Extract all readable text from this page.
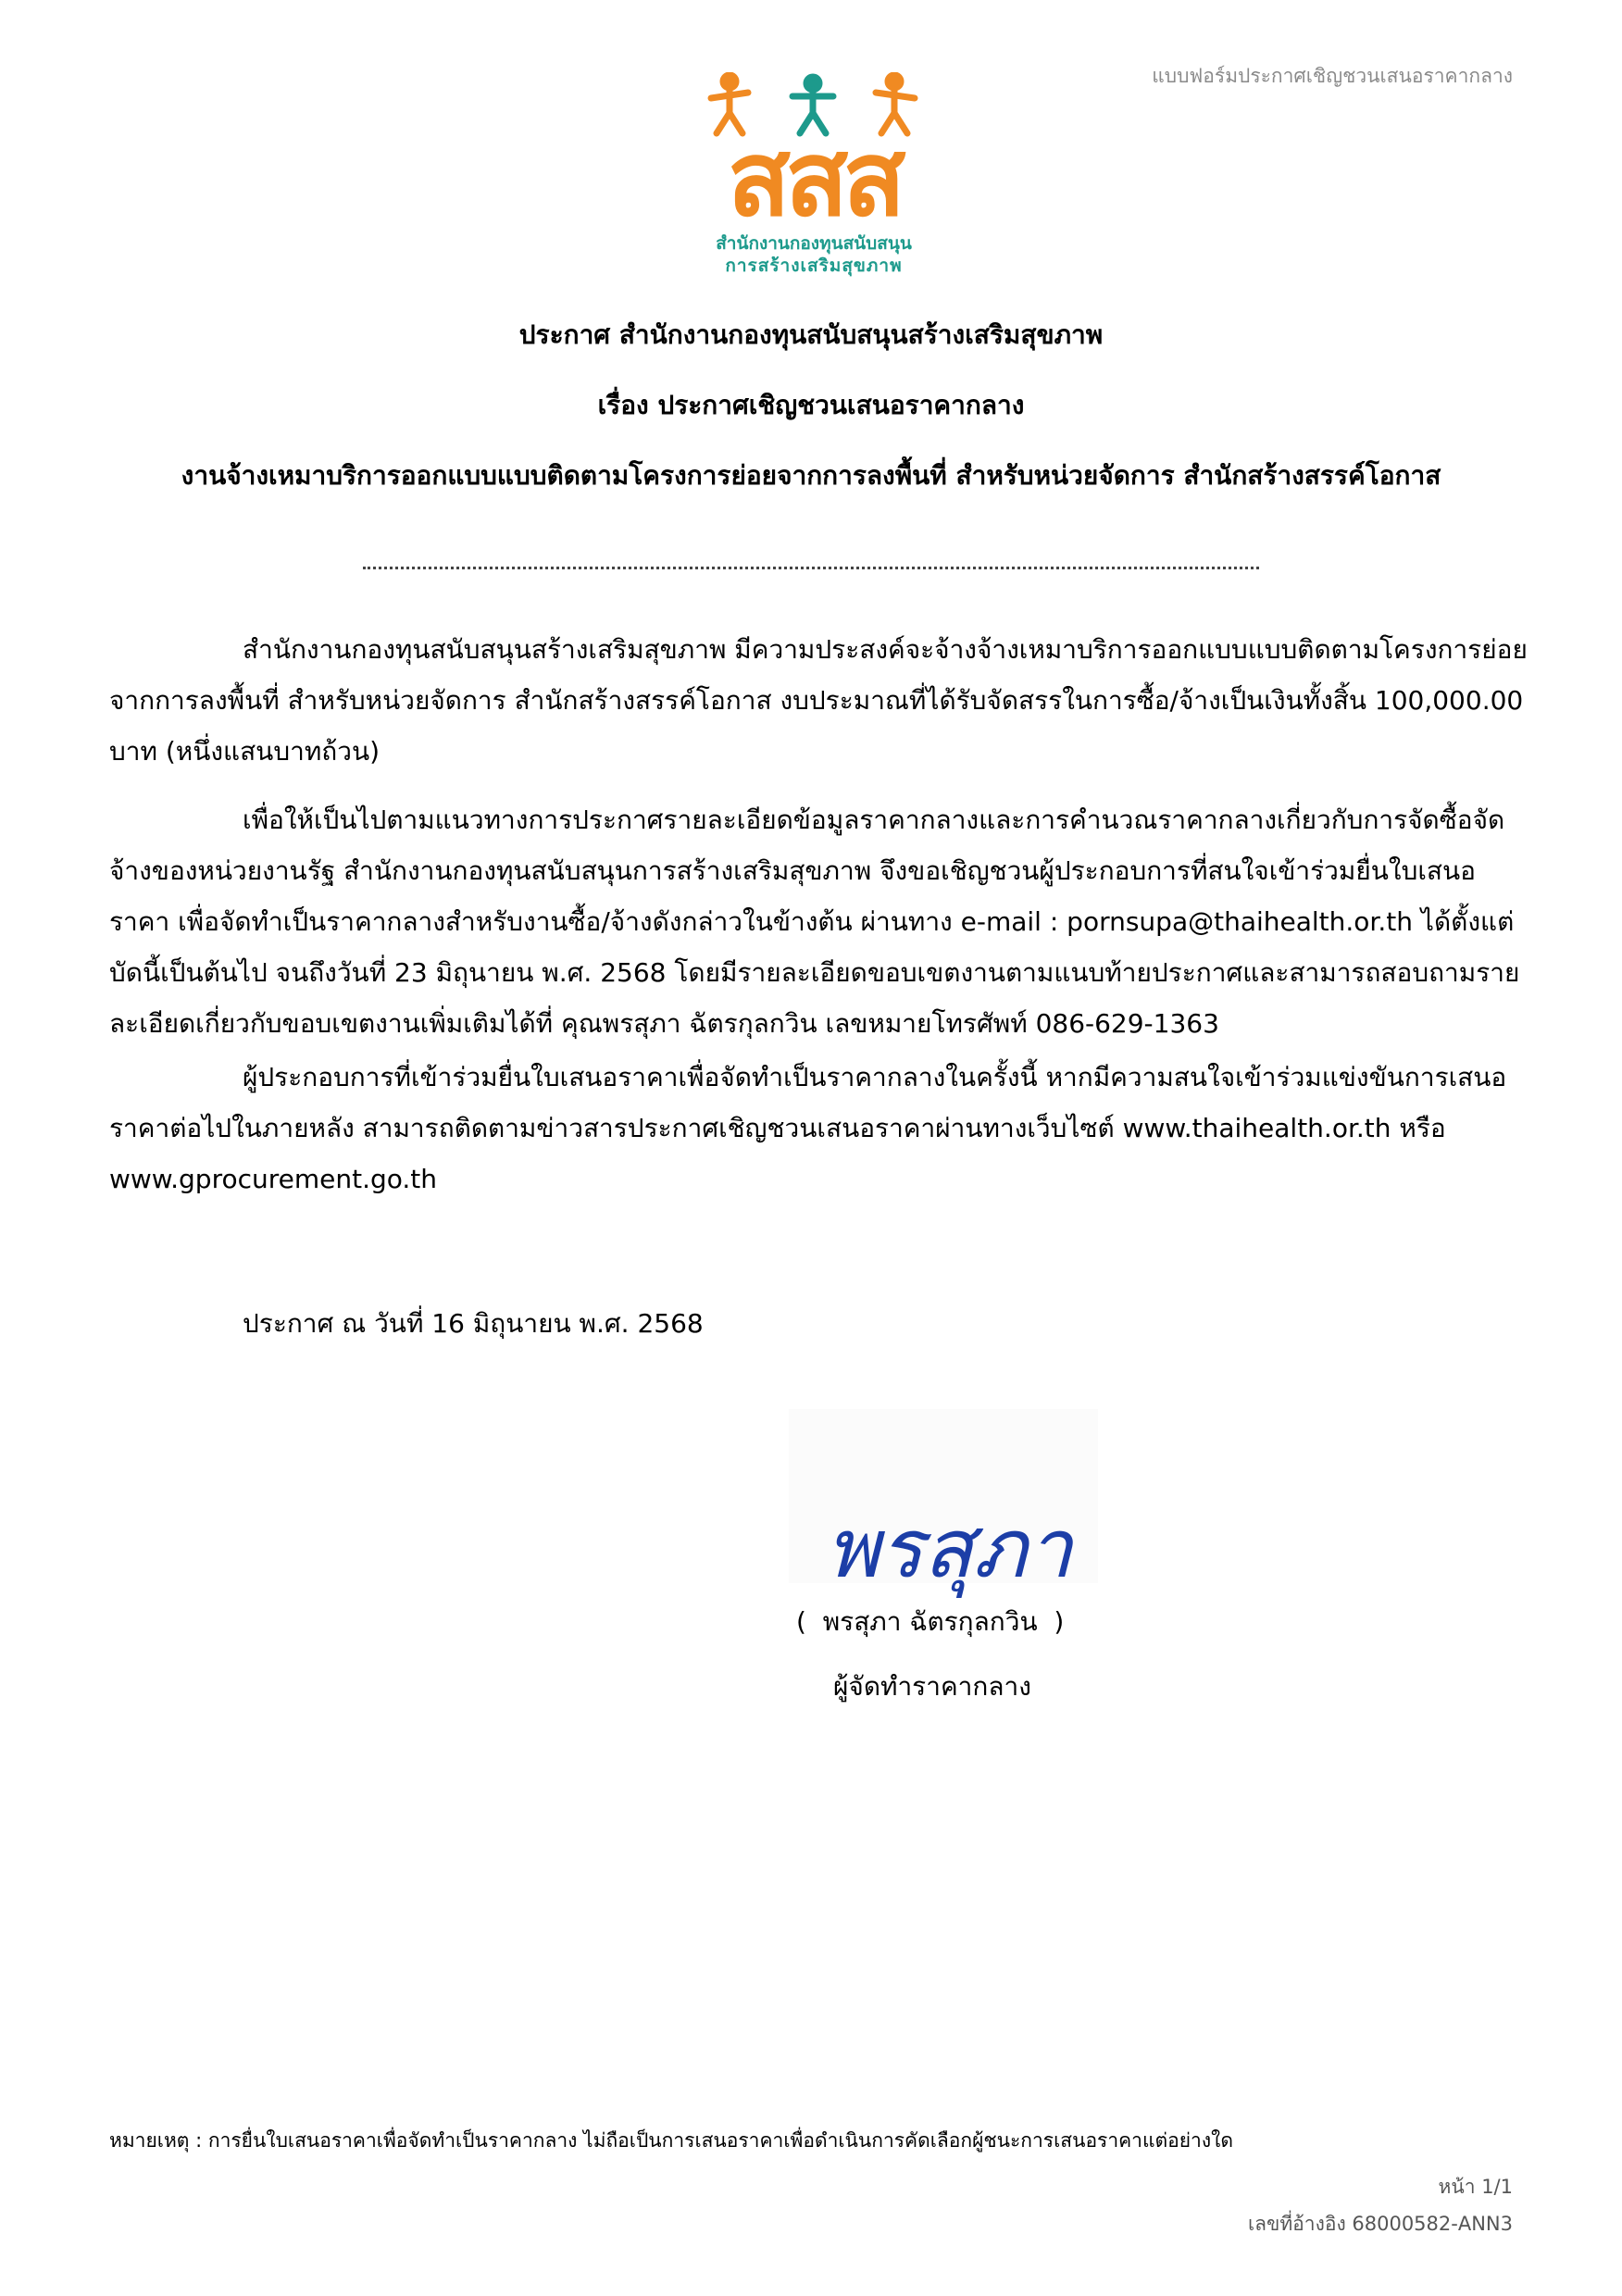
แบบฟอร์มประกาศเชิญชวนเสนอราคากลาง
สสส
สำนักงานกองทุนสนับสนุน
การสร้างเสริมสุขภาพ
ประกาศ สำนักงานกองทุนสนับสนุนสร้างเสริมสุขภาพ
เรื่อง ประกาศเชิญชวนเสนอราคากลาง
งานจ้างเหมาบริการออกแบบแบบติดตามโครงการย่อยจากการลงพื้นที่ สำหรับหน่วยจัดการ สำนักสร้างสรรค์โอกาส
สำนักงานกองทุนสนับสนุนสร้างเสริมสุขภาพ มีความประสงค์จะจ้างจ้างเหมาบริการออกแบบแบบติดตามโครงการย่อยจากการลงพื้นที่ สำหรับหน่วยจัดการ สำนักสร้างสรรค์โอกาส งบประมาณที่ได้รับจัดสรรในการซื้อ/จ้างเป็นเงินทั้งสิ้น 100,000.00 บาท (หนึ่งแสนบาทถ้วน)
เพื่อให้เป็นไปตามแนวทางการประกาศรายละเอียดข้อมูลราคากลางและการคำนวณราคากลางเกี่ยวกับการจัดซื้อจัดจ้างของหน่วยงานรัฐ สำนักงานกองทุนสนับสนุนการสร้างเสริมสุขภาพ จึงขอเชิญชวนผู้ประกอบการที่สนใจเข้าร่วมยื่นใบเสนอราคา เพื่อจัดทำเป็นราคากลางสำหรับงานซื้อ/จ้างดังกล่าวในข้างต้น ผ่านทาง e-mail : pornsupa@thaihealth.or.th ได้ตั้งแต่บัดนี้เป็นต้นไป จนถึงวันที่ 23 มิถุนายน พ.ศ. 2568 โดยมีรายละเอียดขอบเขตงานตามแนบท้ายประกาศและสามารถสอบถามรายละเอียดเกี่ยวกับขอบเขตงานเพิ่มเติมได้ที่ คุณพรสุภา ฉัตรกุลกวิน เลขหมายโทรศัพท์ 086-629-1363
ผู้ประกอบการที่เข้าร่วมยื่นใบเสนอราคาเพื่อจัดทำเป็นราคากลางในครั้งนี้ หากมีความสนใจเข้าร่วมแข่งขันการเสนอราคาต่อไปในภายหลัง สามารถติดตามข่าวสารประกาศเชิญชวนเสนอราคาผ่านทางเว็บไซต์ www.thaihealth.or.th หรือ www.gprocurement.go.th
ประกาศ ณ วันที่ 16 มิถุนายน พ.ศ. 2568
พรสุภา
(  พรสุภา ฉัตรกุลกวิน  )
ผู้จัดทำราคากลาง
หมายเหตุ : การยื่นใบเสนอราคาเพื่อจัดทำเป็นราคากลาง ไม่ถือเป็นการเสนอราคาเพื่อดำเนินการคัดเลือกผู้ชนะการเสนอราคาแต่อย่างใด
หน้า 1/1
เลขที่อ้างอิง 68000582-ANN3
